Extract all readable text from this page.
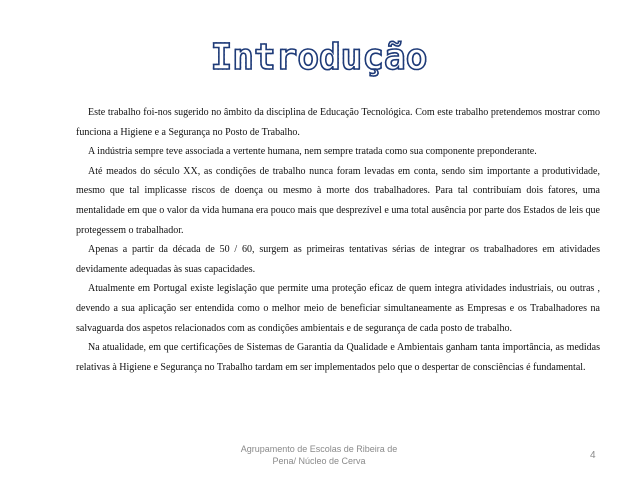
Introdução

Este trabalho foi-nos sugerido no âmbito da disciplina de Educação Tecnológica. Com este trabalho pretendemos mostrar como funciona a Higiene e a Segurança no Posto de Trabalho.

A indústria sempre teve associada a vertente humana, nem sempre tratada como sua componente preponderante.

Até meados do século XX, as condições de trabalho nunca foram levadas em conta, sendo sim importante a produtividade, mesmo que tal implicasse riscos de doença ou mesmo à morte dos trabalhadores. Para tal contribuíam dois fatores, uma mentalidade em que o valor da vida humana era pouco mais que desprezível e uma total ausência por parte dos Estados de leis que protegessem o trabalhador.

Apenas a partir da década de 50 / 60, surgem as primeiras tentativas sérias de integrar os trabalhadores em atividades devidamente adequadas às suas capacidades.

Atualmente em Portugal existe legislação que permite uma proteção eficaz de quem integra atividades industriais, ou outras , devendo a sua aplicação ser entendida como o melhor meio de beneficiar simultaneamente as Empresas e os Trabalhadores na salvaguarda dos aspetos relacionados com as condições ambientais e de segurança de cada posto de trabalho.

Na atualidade, em que certificações de Sistemas de Garantia da Qualidade e Ambientais ganham tanta importância, as medidas relativas à Higiene e Segurança no Trabalho tardam em ser implementados pelo que o despertar de consciências é fundamental.

Agrupamento de Escolas de Ribeira de
Pena/ Núcleo de Cerva	4
